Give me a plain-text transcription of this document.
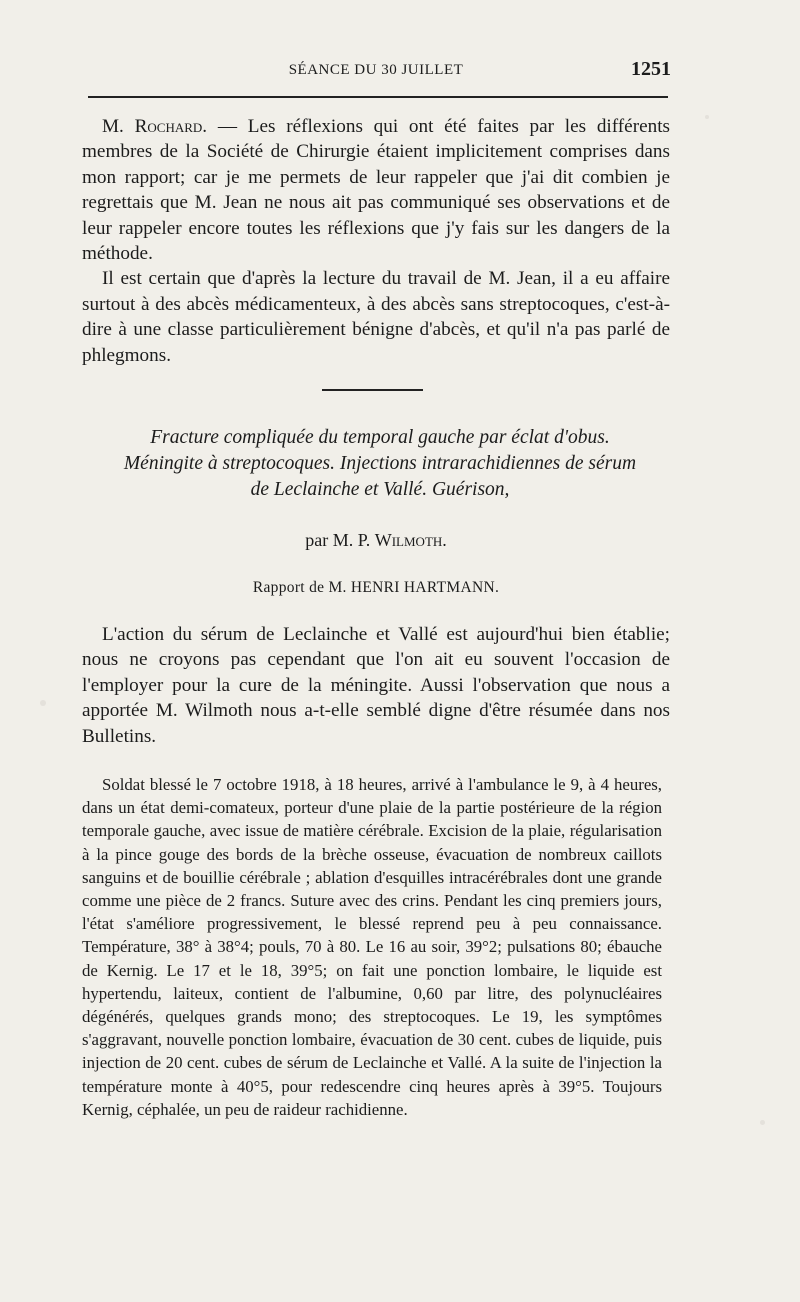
SÉANCE DU 30 JUILLET	1251

M. Rochard. — Les réflexions qui ont été faites par les différents membres de la Société de Chirurgie étaient implicitement comprises dans mon rapport; car je me permets de leur rappeler que j'ai dit combien je regrettais que M. Jean ne nous ait pas communiqué ses observations et de leur rappeler encore toutes les réflexions que j'y fais sur les dangers de la méthode.

Il est certain que d'après la lecture du travail de M. Jean, il a eu affaire surtout à des abcès médicamenteux, à des abcès sans streptocoques, c'est-à-dire à une classe particulièrement bénigne d'abcès, et qu'il n'a pas parlé de phlegmons.

Fracture compliquée du temporal gauche par éclat d'obus.
Méningite à streptocoques. Injections intrarachidiennes de sérum
de Leclainche et Vallé. Guérison,
par M. P. Wilmoth.
Rapport de M. HENRI HARTMANN.

L'action du sérum de Leclainche et Vallé est aujourd'hui bien établie; nous ne croyons pas cependant que l'on ait eu souvent l'occasion de l'employer pour la cure de la méningite. Aussi l'observation que nous a apportée M. Wilmoth nous a-t-elle semblé digne d'être résumée dans nos Bulletins.

Soldat blessé le 7 octobre 1918, à 18 heures, arrivé à l'ambulance le 9, à 4 heures, dans un état demi-comateux, porteur d'une plaie de la partie postérieure de la région temporale gauche, avec issue de matière cérébrale. Excision de la plaie, régularisation à la pince gouge des bords de la brèche osseuse, évacuation de nombreux caillots sanguins et de bouillie cérébrale ; ablation d'esquilles intracérébrales dont une grande comme une pièce de 2 francs. Suture avec des crins. Pendant les cinq premiers jours, l'état s'améliore progressivement, le blessé reprend peu à peu connaissance. Température, 38° à 38°4; pouls, 70 à 80. Le 16 au soir, 39°2; pulsations 80; ébauche de Kernig. Le 17 et le 18, 39°5; on fait une ponction lombaire, le liquide est hypertendu, laiteux, contient de l'albumine, 0,60 par litre, des polynucléaires dégénérés, quelques grands mono; des streptocoques. Le 19, les symptômes s'aggravant, nouvelle ponction lombaire, évacuation de 30 cent. cubes de liquide, puis injection de 20 cent. cubes de sérum de Leclainche et Vallé. A la suite de l'injection la température monte à 40°5, pour redescendre cinq heures après à 39°5. Toujours Kernig, céphalée, un peu de raideur rachidienne.
